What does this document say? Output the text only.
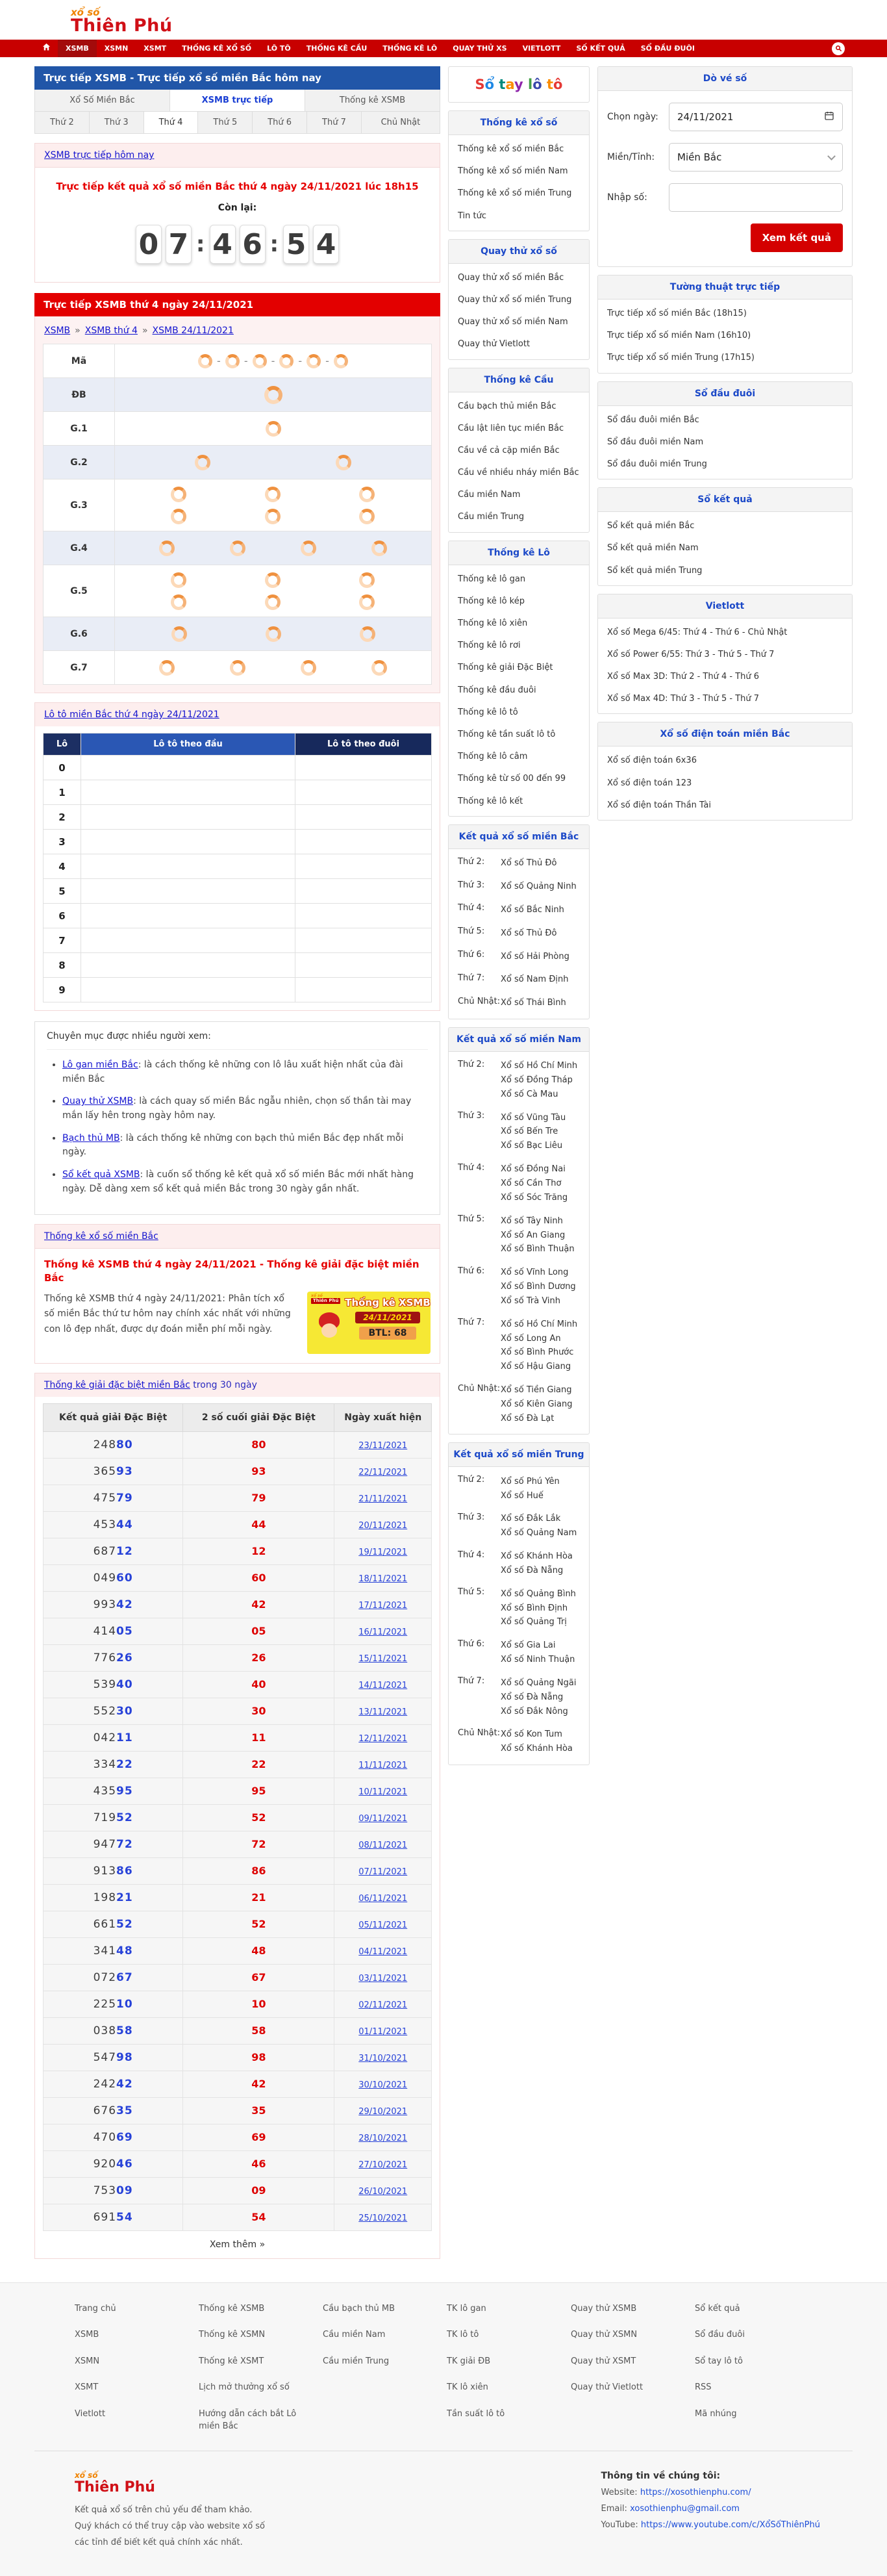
xổ số
Thiên Phú
XSMB	XSMN	XSMT	THỐNG KÊ XỔ SỐ	LÔ TÔ	THỐNG KÊ CẦU	THỐNG KÊ LÔ	QUAY THỬ XS	VIETLOTT	SỐ KẾT QUẢ	SỔ ĐẦU ĐUÔI
Trực tiếp XSMB - Trực tiếp xổ số miền Bắc hôm nay
Xổ Số Miền Bắc	XSMB trực tiếp	Thống kê XSMB
Thứ 2	Thứ 3	Thứ 4	Thứ 5	Thứ 6	Thứ 7	Chủ Nhật
XSMB trực tiếp hôm nay

Trực tiếp kết quả xổ số miền Bắc thứ 4 ngày 24/11/2021 lúc 18h15

Còn lại:

0 7 : 4 6 : 5 4
Trực tiếp XSMB thứ 4 ngày 24/11/2021
XSMB » XSMB thứ 4 » XSMB 24/11/2021
Mã	- - - - -

ĐB	

G.1	

G.2	

G.3	

G.4	

G.5	

G.6	

G.7	
Lô tô miền Bắc thứ 4 ngày 24/11/2021
Lô	Lô tô theo đầu	Lô tô theo đuôi
0		
1		
2		
3		
4		
5		
6		
7		
8		
9		

Chuyên mục được nhiều người xem:

• Lô gan miền Bắc: là cách thống kê những con lô lâu xuất hiện nhất của đài miền Bắc
• Quay thử XSMB: là cách quay số miền Bắc ngẫu nhiên, chọn số thần tài may mắn lấy hên trong ngày hôm nay.
• Bạch thủ MB: là cách thống kê những con bạch thủ miền Bắc đẹp nhất mỗi ngày.
• Sổ kết quả XSMB: là cuốn sổ thống kê kết quả xổ số miền Bắc mới nhất hàng ngày. Dễ dàng xem sổ kết quả miền Bắc trong 30 ngày gần nhất.
Thống kê xổ số miền Bắc
Thống kê XSMB thứ 4 ngày 24/11/2021 - Thống kê giải đặc biệt miền Bắc

Thống kê XSMB thứ 4 ngày 24/11/2021: Phân tích xổ số miền Bắc thứ tư hôm nay chính xác nhất với những con lô đẹp nhất, được dự đoán miễn phí mỗi ngày.

xổ số
Thiên Phú Thống kê XSMB
24/11/2021
BTL: 68
Thống kê giải đặc biệt miền Bắc trong 30 ngày
Kết quả giải Đặc Biệt	2 số cuối giải Đặc Biệt	Ngày xuất hiện
24880	80	23/11/2021
36593	93	22/11/2021
47579	79	21/11/2021
45344	44	20/11/2021
68712	12	19/11/2021
04960	60	18/11/2021
99342	42	17/11/2021
41405	05	16/11/2021
77626	26	15/11/2021
53940	40	14/11/2021
55230	30	13/11/2021
04211	11	12/11/2021
33422	22	11/11/2021
43595	95	10/11/2021
71952	52	09/11/2021
94772	72	08/11/2021
91386	86	07/11/2021
19821	21	06/11/2021
66152	52	05/11/2021
34148	48	04/11/2021
07267	67	03/11/2021
22510	10	02/11/2021
03858	58	01/11/2021
54798	98	31/10/2021
24242	42	30/10/2021
67635	35	29/10/2021
47069	69	28/10/2021
92046	46	27/10/2021
75309	09	26/10/2021
69154	54	25/10/2021
Xem thêm »
Sổ tay lô tô
Thống kê xổ số
Thống kê xổ số miền Bắc
Thống kê xổ số miền Nam
Thống kê xổ số miền Trung
Tin tức
Quay thử xổ số
Quay thử xổ số miền Bắc
Quay thử xổ số miền Trung
Quay thử xổ số miền Nam
Quay thử Vietlott
Thống kê Cầu
Cầu bạch thủ miền Bắc
Cầu lật liên tục miền Bắc
Cầu về cả cặp miền Bắc
Cầu về nhiều nháy miền Bắc
Cầu miền Nam
Cầu miền Trung
Thống kê Lô
Thống kê lô gan
Thống kê lô kép
Thống kê lô xiên
Thống kê lô rơi
Thống kê giải Đặc Biệt
Thống kê đầu đuôi
Thống kê lô tô
Thống kê tần suất lô tô
Thống kê lô câm
Thống kê từ số 00 đến 99
Thống kê lô kết
Kết quả xổ số miền Bắc
Thứ 2:	Xổ số Thủ Đô
Thứ 3:	Xổ số Quảng Ninh
Thứ 4:	Xổ số Bắc Ninh
Thứ 5:	Xổ số Thủ Đô
Thứ 6:	Xổ số Hải Phòng
Thứ 7:	Xổ số Nam Định
Chủ Nhật: Xổ số Thái Bình
Kết quả xổ số miền Nam
Thứ 2:	Xổ số Hồ Chí Minh
Xổ số Đồng Tháp
Xổ số Cà Mau
Thứ 3:	Xổ số Vũng Tàu
Xổ số Bến Tre
Xổ số Bạc Liêu
Thứ 4:	Xổ số Đồng Nai
Xổ số Cần Thơ
Xổ số Sóc Trăng
Thứ 5:	Xổ số Tây Ninh
Xổ số An Giang
Xổ số Bình Thuận
Thứ 6:	Xổ số Vĩnh Long
Xổ số Bình Dương
Xổ số Trà Vinh
Thứ 7:	Xổ số Hồ Chí Minh
Xổ số Long An
Xổ số Bình Phước
Xổ số Hậu Giang
Chủ Nhật: Xổ số Tiền Giang
Xổ số Kiên Giang
Xổ số Đà Lạt
Kết quả xổ số miền Trung
Thứ 2:	Xổ số Phú Yên
Xổ số Huế
Thứ 3:	Xổ số Đắk Lắk
Xổ số Quảng Nam
Thứ 4:	Xổ số Khánh Hòa
Xổ số Đà Nẵng
Thứ 5:	Xổ số Quảng Bình
Xổ số Bình Định
Xổ số Quảng Trị
Thứ 6:	Xổ số Gia Lai
Xổ số Ninh Thuận
Thứ 7:	Xổ số Quảng Ngãi
Xổ số Đà Nẵng
Xổ số Đắk Nông
Chủ Nhật: Xổ số Kon Tum
Xổ số Khánh Hòa
Dò vé số
Chọn ngày:	24/11/2021
Miền/Tỉnh:	Miền Bắc
Nhập số:
Xem kết quả
Tường thuật trực tiếp
Trực tiếp xổ số miền Bắc (18h15)
Trực tiếp xổ số miền Nam (16h10)
Trực tiếp xổ số miền Trung (17h15)
Sổ đầu đuôi
Sổ đầu đuôi miền Bắc
Sổ đầu đuôi miền Nam
Sổ đầu đuôi miền Trung
Sổ kết quả
Sổ kết quả miền Bắc
Sổ kết quả miền Nam
Sổ kết quả miền Trung
Vietlott
Xổ số Mega 6/45: Thứ 4 - Thứ 6 - Chủ Nhật
Xổ số Power 6/55: Thứ 3 - Thứ 5 - Thứ 7
Xổ số Max 3D: Thứ 2 - Thứ 4 - Thứ 6
Xổ số Max 4D: Thứ 3 - Thứ 5 - Thứ 7
Xổ số điện toán miền Bắc
Xổ số điện toán 6x36
Xổ số điện toán 123
Xổ số điện toán Thần Tài
Trang chủ
XSMB
XSMN
XSMT
Vietlott
Thống kê XSMB
Thống kê XSMN
Thống kê XSMT
Lịch mở thưởng xổ số
Hướng dẫn cách bắt Lô miền Bắc
Cầu bạch thủ MB
Cầu miền Nam
Cầu miền Trung
TK lô gan
TK lô tô
TK giải ĐB
TK lô xiên
Tần suất lô tô
Quay thử XSMB
Quay thử XSMN
Quay thử XSMT
Quay thử Vietlott
Sổ kết quả
Sổ đầu đuôi
Sổ tay lô tô
RSS
Mã nhúng
xổ số
Thiên Phú
Kết quả xổ số trên chủ yếu để tham khảo.
Quý khách có thể truy cập vào website xổ số
các tỉnh để biết kết quả chính xác nhất.
Thông tin về chúng tôi:
Website: https://xosothienphu.com/
Email: xosothienphu@gmail.com
YouTube: https://www.youtube.com/c/XổSốThiênPhú
